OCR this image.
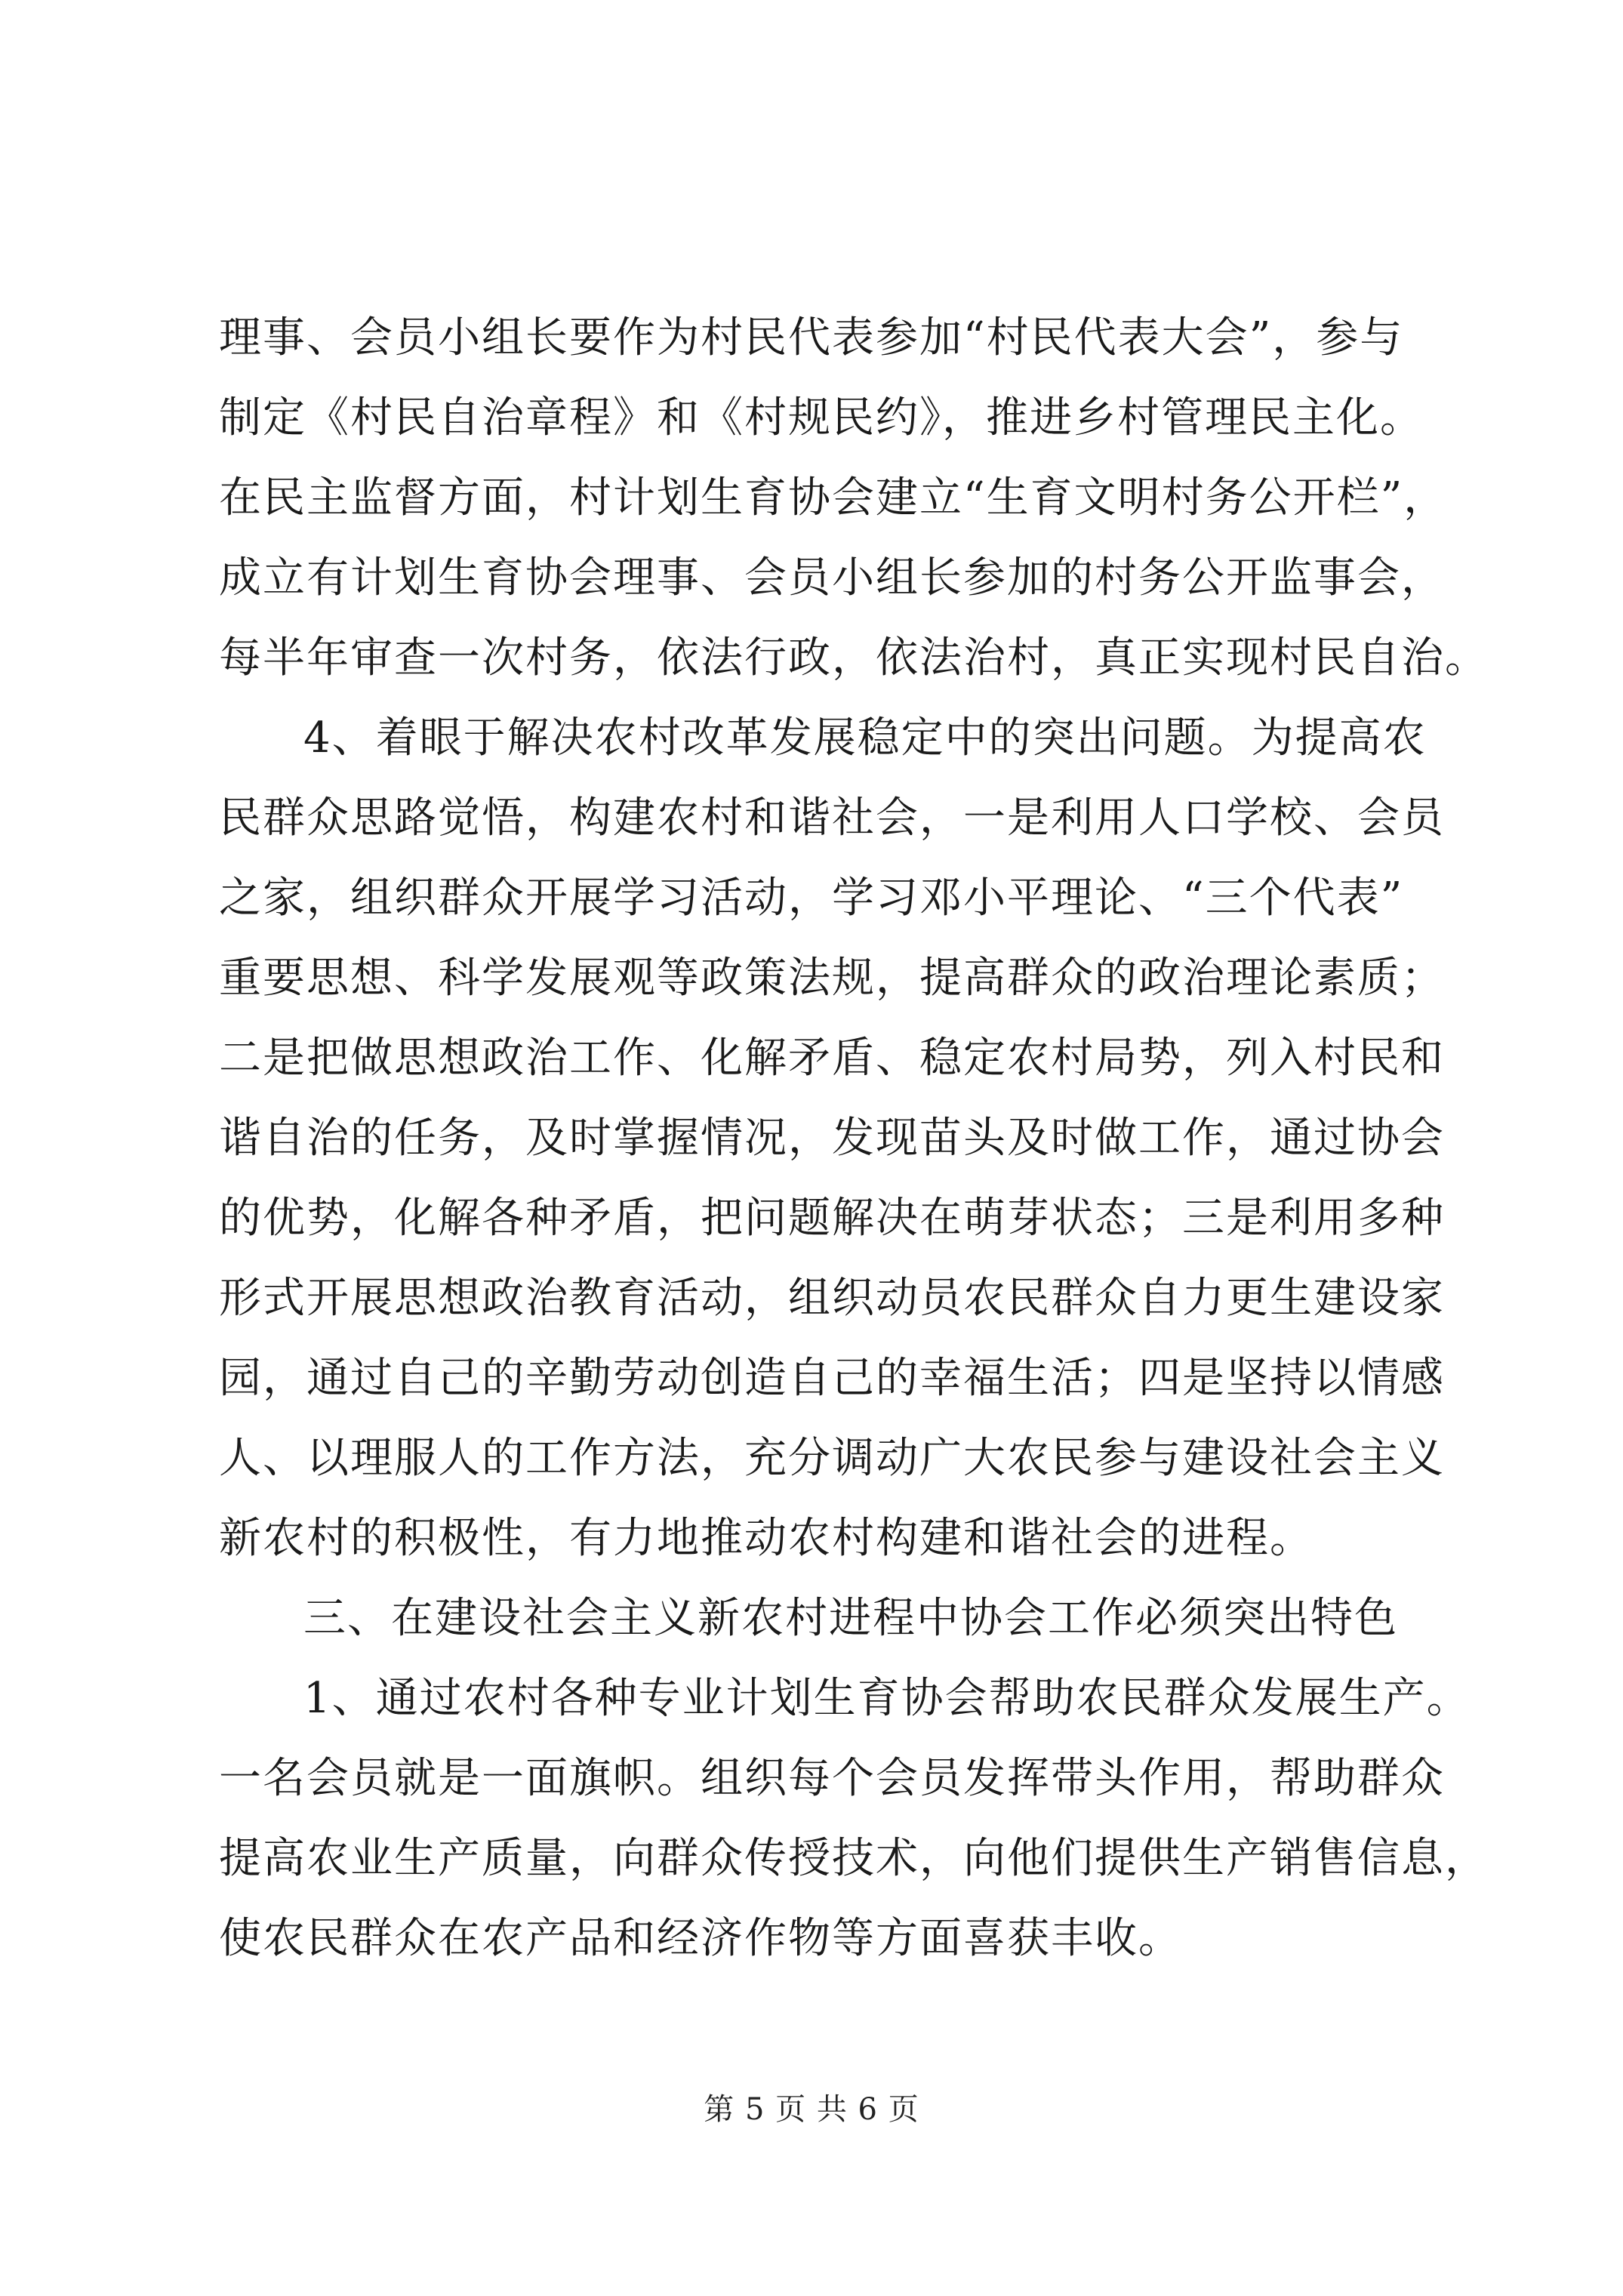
理事、会员小组长要作为村民代表参加“村民代表大会”，参与
制定《村民自治章程》和《村规民约》，推进乡村管理民主化。
在民主监督方面，村计划生育协会建立“生育文明村务公开栏”，
成立有计划生育协会理事、会员小组长参加的村务公开监事会，
每半年审查一次村务，依法行政，依法治村，真正实现村民自治。
4、着眼于解决农村改革发展稳定中的突出问题。为提高农
民群众思路觉悟，构建农村和谐社会，一是利用人口学校、会员
之家，组织群众开展学习活动，学习邓小平理论、“三个代表”
重要思想、科学发展观等政策法规，提高群众的政治理论素质；
二是把做思想政治工作、化解矛盾、稳定农村局势，列入村民和
谐自治的任务，及时掌握情况，发现苗头及时做工作，通过协会
的优势，化解各种矛盾，把问题解决在萌芽状态；三是利用多种
形式开展思想政治教育活动，组织动员农民群众自力更生建设家
园，通过自己的辛勤劳动创造自己的幸福生活；四是坚持以情感
人、以理服人的工作方法，充分调动广大农民参与建设社会主义
新农村的积极性，有力地推动农村构建和谐社会的进程。
三、在建设社会主义新农村进程中协会工作必须突出特色
1、通过农村各种专业计划生育协会帮助农民群众发展生产。
一名会员就是一面旗帜。组织每个会员发挥带头作用，帮助群众
提高农业生产质量，向群众传授技术，向他们提供生产销售信息，
使农民群众在农产品和经济作物等方面喜获丰收。
第 5 页 共 6 页
